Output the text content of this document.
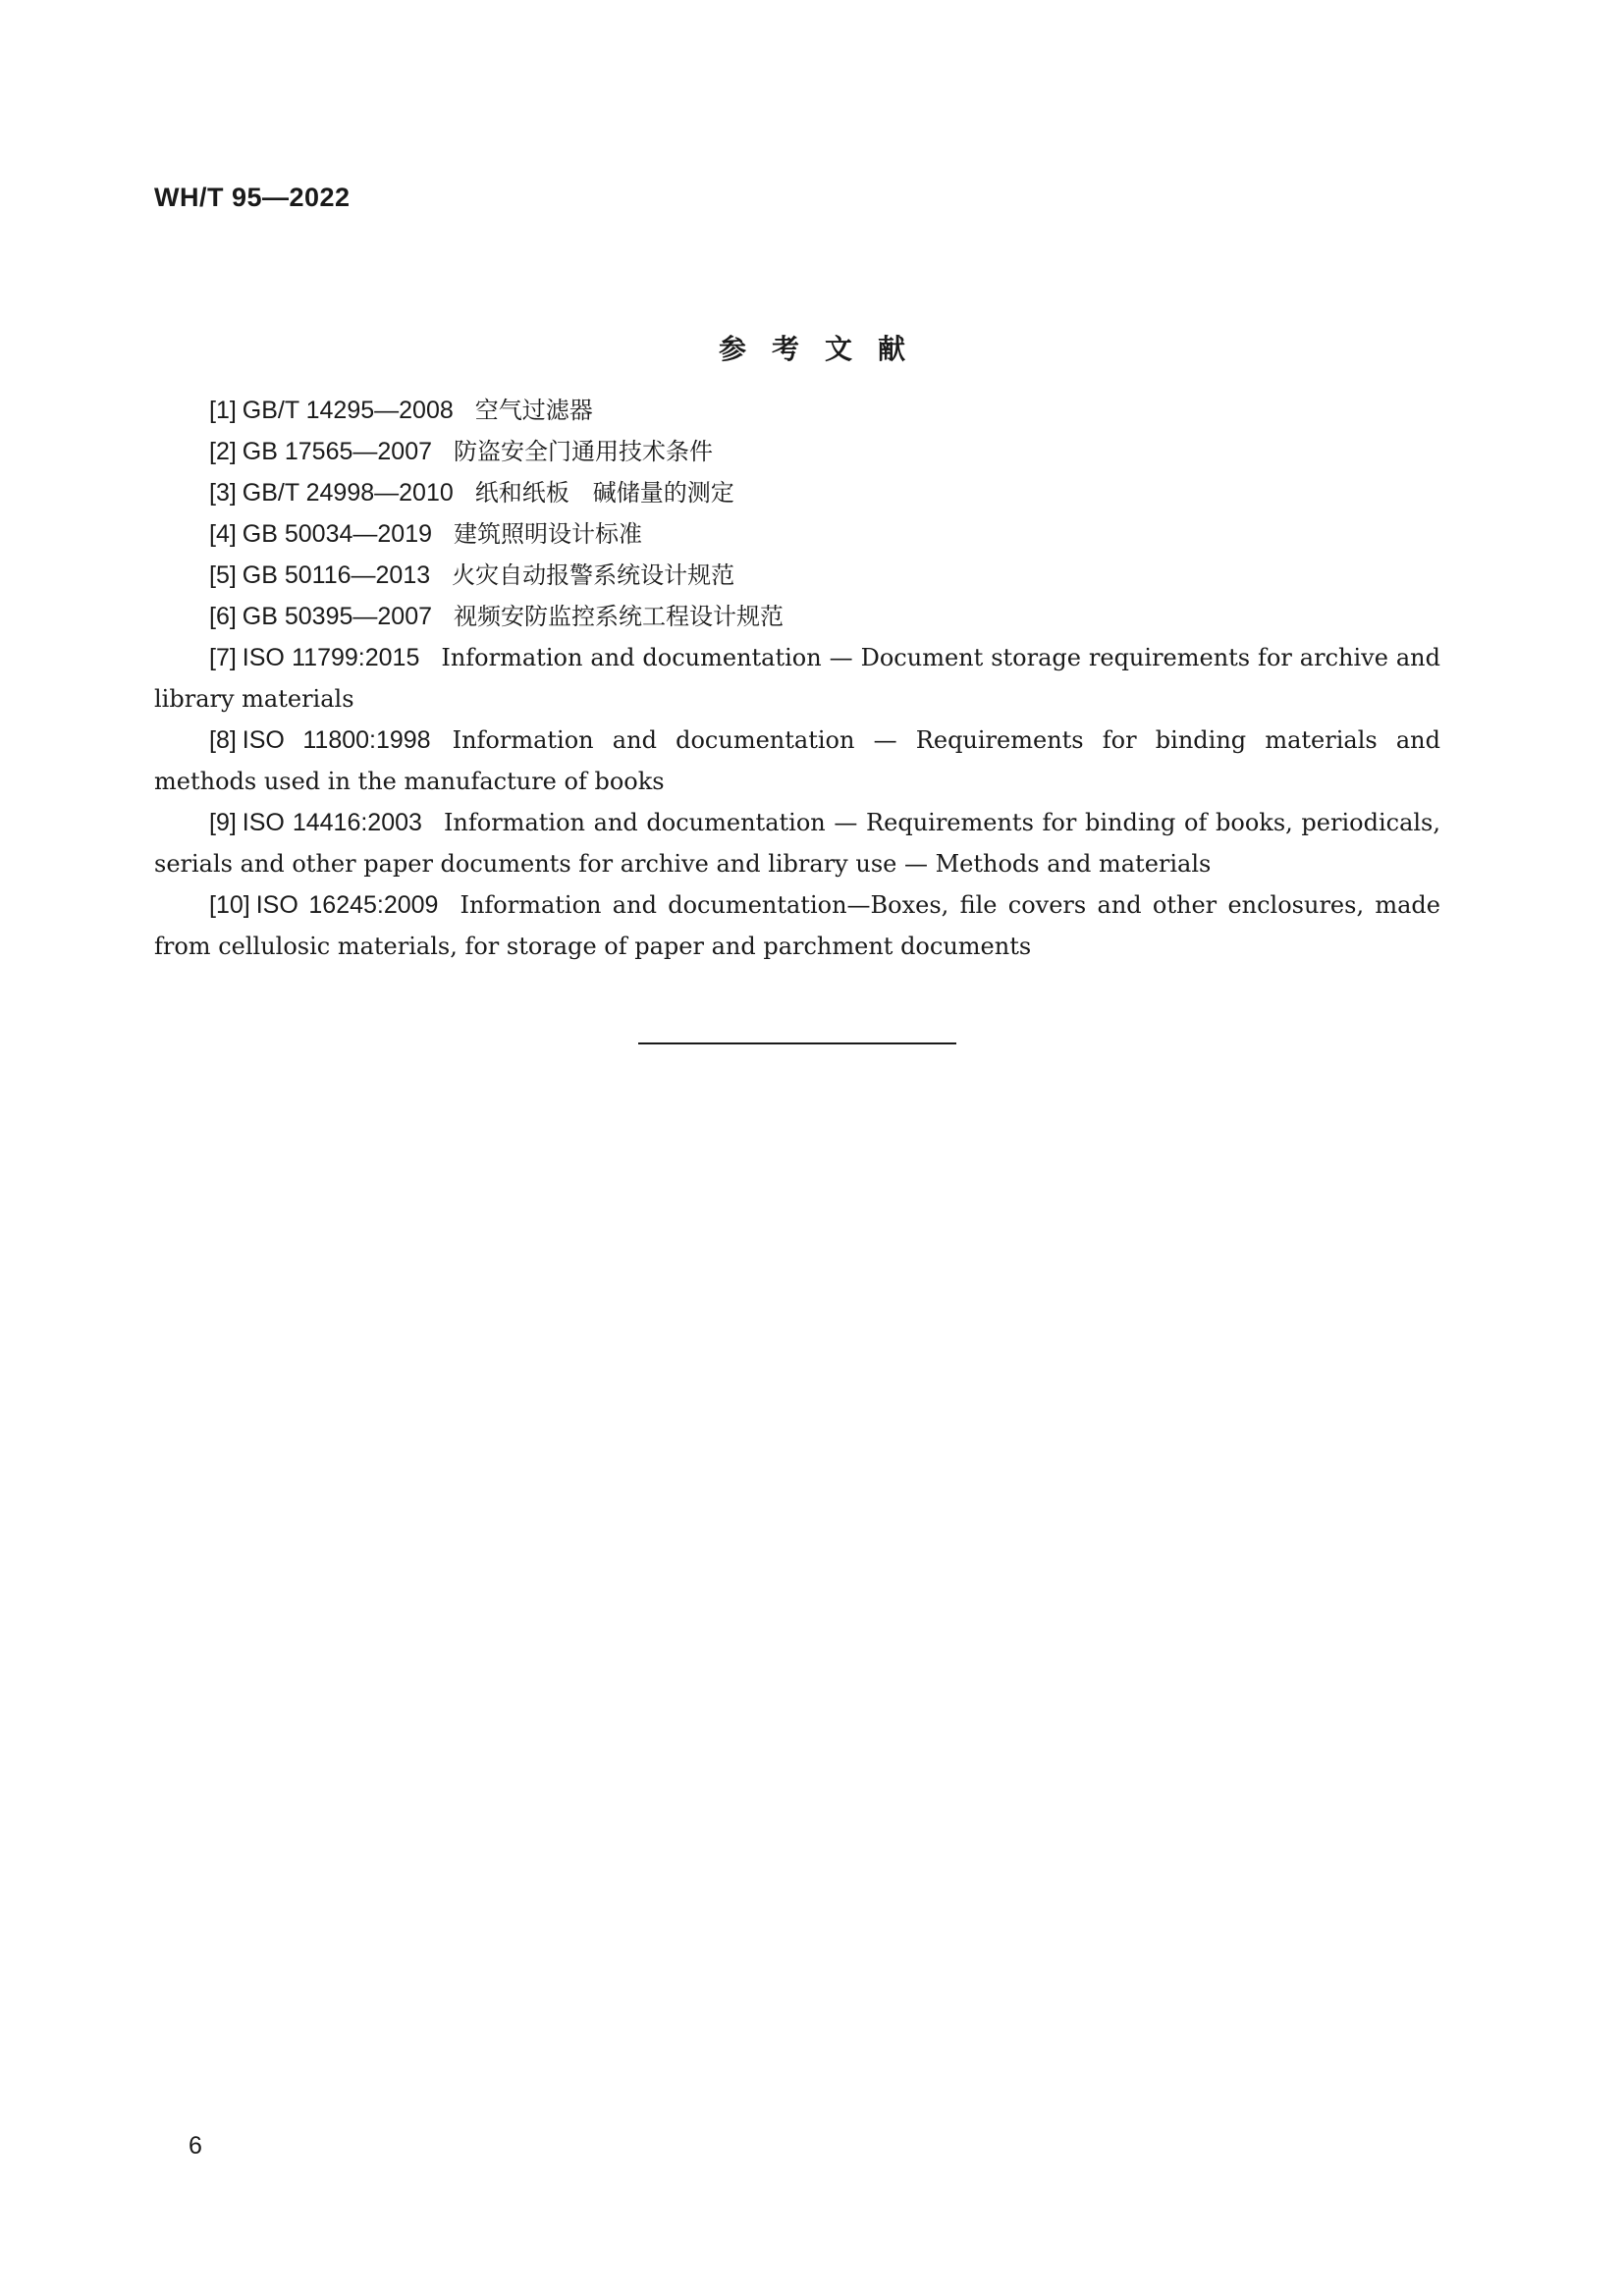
WH/T 95—2022
参考文献

[1] GB/T 14295—2008 空气过滤器

[2] GB 17565—2007 防盗安全门通用技术条件

[3] GB/T 24998—2010 纸和纸板　碱储量的测定

[4] GB 50034—2019 建筑照明设计标准

[5] GB 50116—2013 火灾自动报警系统设计规范

[6] GB 50395—2007 视频安防监控系统工程设计规范

[7] ISO 11799:2015 Information and documentation — Document storage requirements for archive and library materials

[8] ISO 11800:1998 Information and documentation — Requirements for binding materials and methods used in the manufacture of books

[9] ISO 14416:2003 Information and documentation — Requirements for binding of books, periodicals, serials and other paper documents for archive and library use — Methods and materials

[10] ISO 16245:2009 Information and documentation—Boxes, file covers and other enclosures, made from cellulosic materials, for storage of paper and parchment documents

6
